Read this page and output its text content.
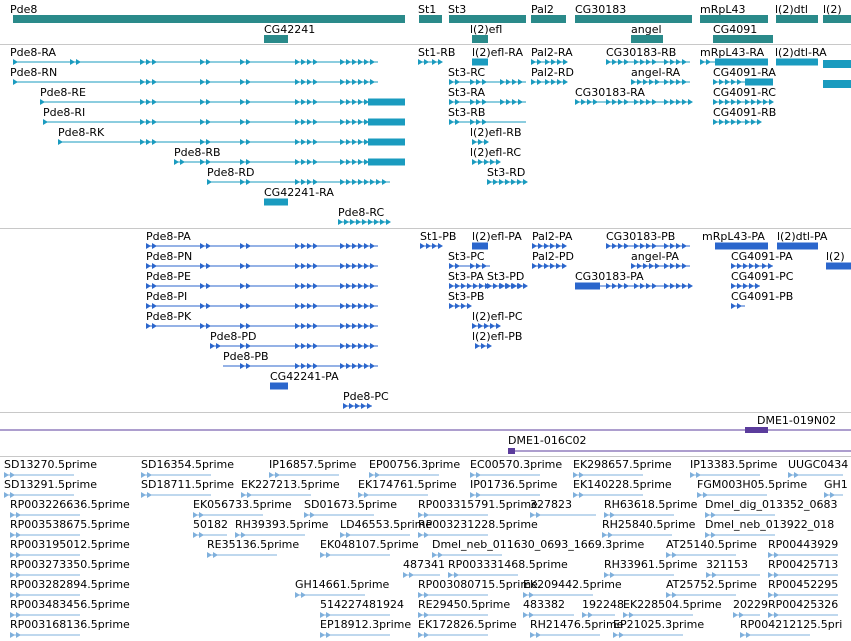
Pde8
CG42241
St1 St3
l(2)efl
Pal2 CG30183
angel
mRpL43
CG4091
l(2)dtl l(2)
Pde8-RA
Pde8-RN
Pde8-RE
Pde8-RI
Pde8-RK
Pde8-RB
Pde8-RD
CG42241-RA
Pde8-RC
St1-RB l(2)efl-RA Pal2-RA	CG30183-RB mRpL43-RA l(2)dtl-RA
St3-RC	Pal2-RD	angel-RA	CG4091-RA
St3-RA	CG30183-RA	CG4091-RC
St3-RB	CG4091-RB
l(2)efl-RB
l(2)efl-RC
St3-RD
Pde8-PA
Pde8-PN
Pde8-PE
Pde8-PI
Pde8-PK
Pde8-PD
Pde8-PB
CG42241-PA
Pde8-PC
St1-PB l(2)efl-PA Pal2-PA	CG30183-PB mRpL43-PA l(2)dtl-PA
St3-PC	Pal2-PD	angel-PA	CG4091-PA	l(2)
St3-PA St3-PD	CG30183-PA	CG4091-PC
St3-PB	CG4091-PB
l(2)efl-PC
l(2)efl-PB
DME1-019N02
DME1-016C02
SD13270.5prime	SD16354.5prime	IP16857.5prime EP00756.3prime EC00570.3prime EK298657.5prime IP13383.5prime UUGC0434
SD13291.5prime	SD18711.5prime EK227213.5prime EK174761.5prime IP01736.5prime EK140228.5prime FGM003H05.5prime GH1
RP003226636.5prime	EK056733.5prime SD01673.5prime RP003315791.5prime
327823	RH63618.5prime Dmel_dig_013352_0683
RP003538675.5prime	50182 RH39393.5prime LD46553.5prime
RP003231228.5prime	RH25840.5prime Dmel_neb_013922_018
RP003195012.5prime	RE35136.5prime EK048107.5prime Dmel_neb_011630_0693_1669.3prime AT25140.5prime RP00443929
RP003273350.5prime	487341 RP003331468.5prime	RH33961.5prime 321153 RP00425713
RP003282894.5prime	GH14661.5prime	RP003080715.5prime
EK209442.5prime	AT25752.5prime RP00452295
RP003483456.5prime	514227481924 RE29450.5prime 483382 192248 EK228504.5prime 20229 RP00425326
RP003168136.5prime	EP18912.3prime EK172826.5prime RH21476.5prime
EP21025.3prime	RP004212125.5pri
